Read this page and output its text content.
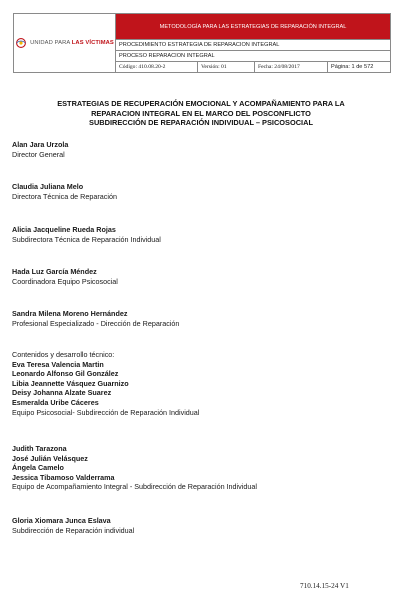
UNIDAD PARA LAS VÍCTIMAS	METODOLOGÍA PARA LAS ESTRATEGIAS DE REPARACIÓN INTEGRAL			
	PROCEDIMIENTO ESTRATEGIA DE REPARACION INTEGRAL			
	PROCESO REPARACION INTEGRAL			
	Código: 410.08.20-2	Versión: 01	Fecha: 24/08/2017	Página: 1 de 572
ESTRATEGIAS DE RECUPERACIÓN EMOCIONAL Y ACOMPAÑAMIENTO PARA LA
REPARACION INTEGRAL EN EL MARCO DEL POSCONFLICTO
SUBDIRECCIÓN DE REPARACIÓN INDIVIDUAL – PSICOSOCIAL
Alan Jara Urzola
Director General
Claudia Juliana Melo
Directora Técnica de Reparación
Alicia Jacqueline Rueda Rojas
Subdirectora Técnica de Reparación Individual
Hada Luz García Méndez
Coordinadora Equipo Psicosocial
Sandra Milena Moreno Hernández
Profesional Especializado - Dirección de Reparación
Contenidos y desarrollo técnico:
Eva Teresa Valencia Martin
Leonardo Alfonso Gil González
Libia Jeannette Vásquez Guarnizo
Deisy Johanna Alzate Suarez
Esmeralda Uribe Cáceres
Equipo Psicosocial- Subdirección de Reparación Individual
Judith Tarazona
José Julián Velásquez
Ángela Camelo
Jessica Tibamoso Valderrama
Equipo de Acompañamiento Integral - Subdirección de Reparación Individual
Gloria Xiomara Junca Eslava
Subdirección de Reparación individual
710.14.15-24 V1
